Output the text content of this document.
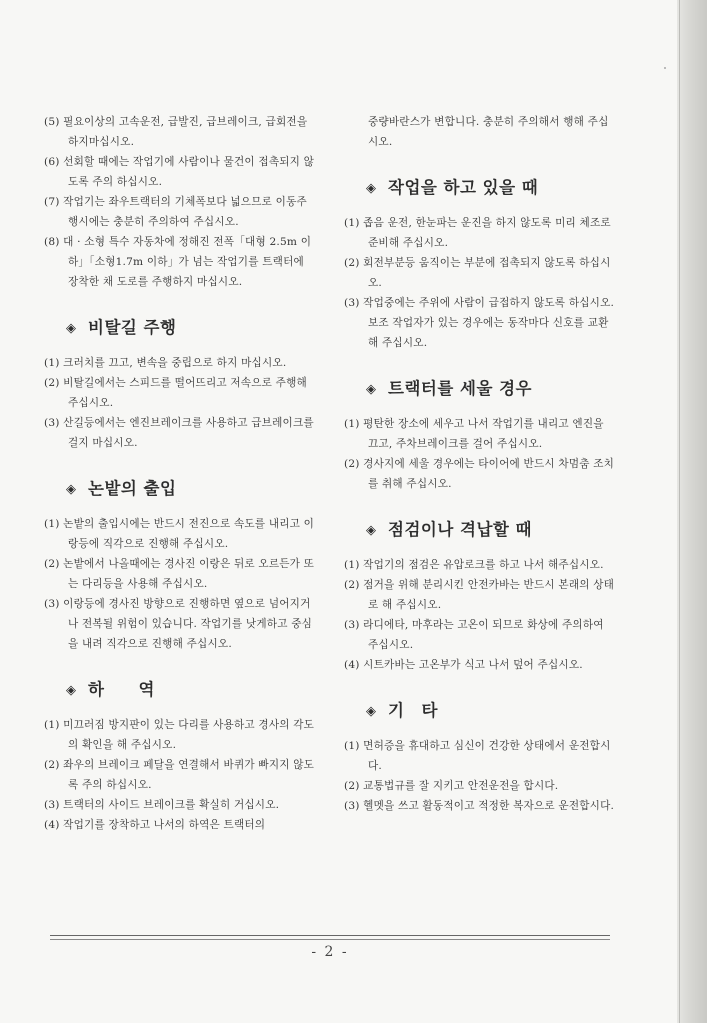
(5) 필요이상의 고속운전, 급발진, 급브레이크, 급회전을 하지마십시오.

(6) 선회할 때에는 작업기에 사람이나 물건이 접촉되지 않도록 주의 하십시오.

(7) 작업기는 좌우트랙터의 기체폭보다 넓으므로 이동주행시에는 충분히 주의하여 주십시오.

(8) 대 · 소형 특수 자동차에 정해진 전폭「대형 2.5m 이하」「소형1.7m 이하」가 넘는 작업기를 트랙터에 장착한 채 도로를 주행하지 마십시오.

◈ 비탈길 주행

(1) 크러치를 끄고, 변속을 중립으로 하지 마십시오.

(2) 비탈길에서는 스피드를 떨어뜨리고 저속으로 주행해 주십시오.

(3) 산길등에서는 엔진브레이크를 사용하고 급브레이크를 걸지 마십시오.

◈ 논밭의 출입

(1) 논밭의 출입시에는 반드시 전진으로 속도를 내리고 이랑등에 직각으로 진행해 주십시오.

(2) 논밭에서 나올때에는 경사진 이랑은 뒤로 오르든가 또는 다리등을 사용해 주십시오.

(3) 이랑등에 경사진 방향으로 진행하면 옆으로 넘어지거나 전복될 위험이 있습니다. 작업기를 낫게하고 중심을 내려 직각으로 진행해 주십시오.

◈ 하　　역

(1) 미끄러짐 방지판이 있는 다리를 사용하고 경사의 각도의 확인을 해 주십시오.

(2) 좌우의 브레이크 페달을 연결해서 바퀴가 빠지지 않도록 주의 하십시오.

(3) 트랙터의 사이드 브레이크를 확실히 거십시오.

(4) 작업기를 장착하고 나서의 하역은 트랙터의

중량바란스가 변합니다. 충분히 주의해서 행해 주십시오.

◈ 작업을 하고 있을 때

(1) 좁음 운전, 한눈파는 운진을 하지 않도록 미리 체조로 준비해 주십시오.

(2) 회전부분등 움직이는 부분에 접촉되지 않도록 하십시오.

(3) 작업중에는 주위에 사람이 급접하지 않도록 하십시오.

보조 작업자가 있는 경우에는 동작마다 신호를 교환해 주십시오.

◈ 트랙터를 세울 경우

(1) 평탄한 장소에 세우고 나서 작업기를 내리고 엔진을 끄고, 주차브레이크를 걸어 주십시오.

(2) 경사지에 세울 경우에는 타이어에 반드시 차멈춤 조치를 취해 주십시오.

◈ 점검이나 격납할 때

(1) 작업기의 점검은 유압로크를 하고 나서 해주십시오.

(2) 점거을 위해 분리시킨 안전카바는 반드시 본래의 상태로 해 주십시오.

(3) 라디에타, 마후라는 고온이 되므로 화상에 주의하여 주십시오.

(4) 시트카바는 고온부가 식고 나서 덮어 주십시오.

◈ 기　타

(1) 면허증을 휴대하고 심신이 건강한 상태에서 운전합시다.

(2) 교통법규를 잘 지키고 안전운전을 합시다.

(3) 헬멧을 쓰고 활동적이고 적정한 복자으로 운전합시다.

- 2 -
